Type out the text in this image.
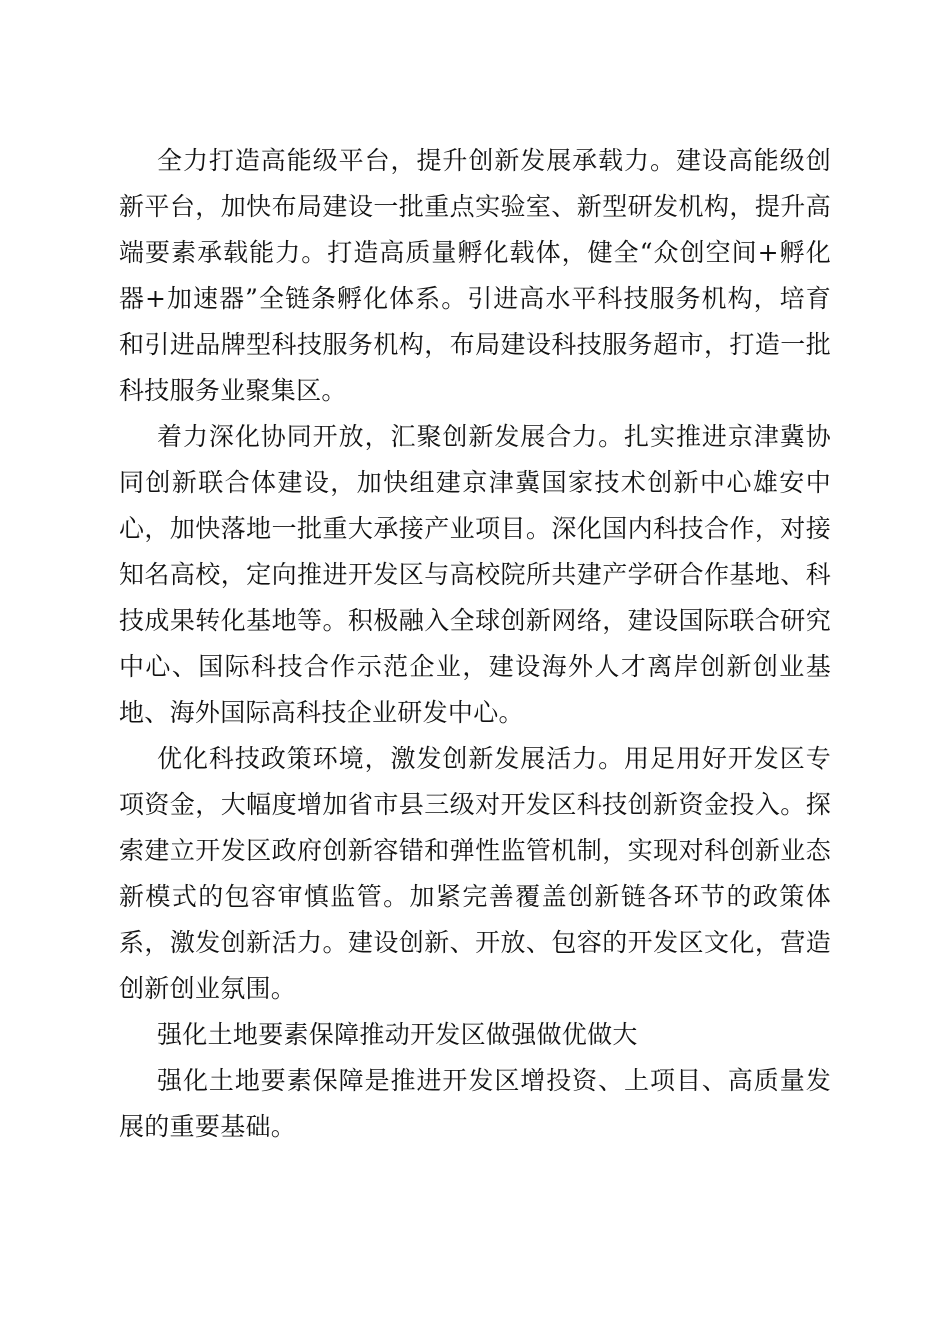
全力打造高能级平台，提升创新发展承载力。建设高能级创新平台，加快布局建设一批重点实验室、新型研发机构，提升高端要素承载能力。打造高质量孵化载体，健全“众创空间+孵化器+加速器”全链条孵化体系。引进高水平科技服务机构，培育和引进品牌型科技服务机构，布局建设科技服务超市，打造一批科技服务业聚集区。

着力深化协同开放，汇聚创新发展合力。扎实推进京津冀协同创新联合体建设，加快组建京津冀国家技术创新中心雄安中心，加快落地一批重大承接产业项目。深化国内科技合作，对接知名高校，定向推进开发区与高校院所共建产学研合作基地、科技成果转化基地等。积极融入全球创新网络，建设国际联合研究中心、国际科技合作示范企业，建设海外人才离岸创新创业基地、海外国际高科技企业研发中心。

优化科技政策环境，激发创新发展活力。用足用好开发区专项资金，大幅度增加省市县三级对开发区科技创新资金投入。探索建立开发区政府创新容错和弹性监管机制，实现对科创新业态新模式的包容审慎监管。加紧完善覆盖创新链各环节的政策体系，激发创新活力。建设创新、开放、包容的开发区文化，营造创新创业氛围。

强化土地要素保障推动开发区做强做优做大

强化土地要素保障是推进开发区增投资、上项目、高质量发展的重要基础。
